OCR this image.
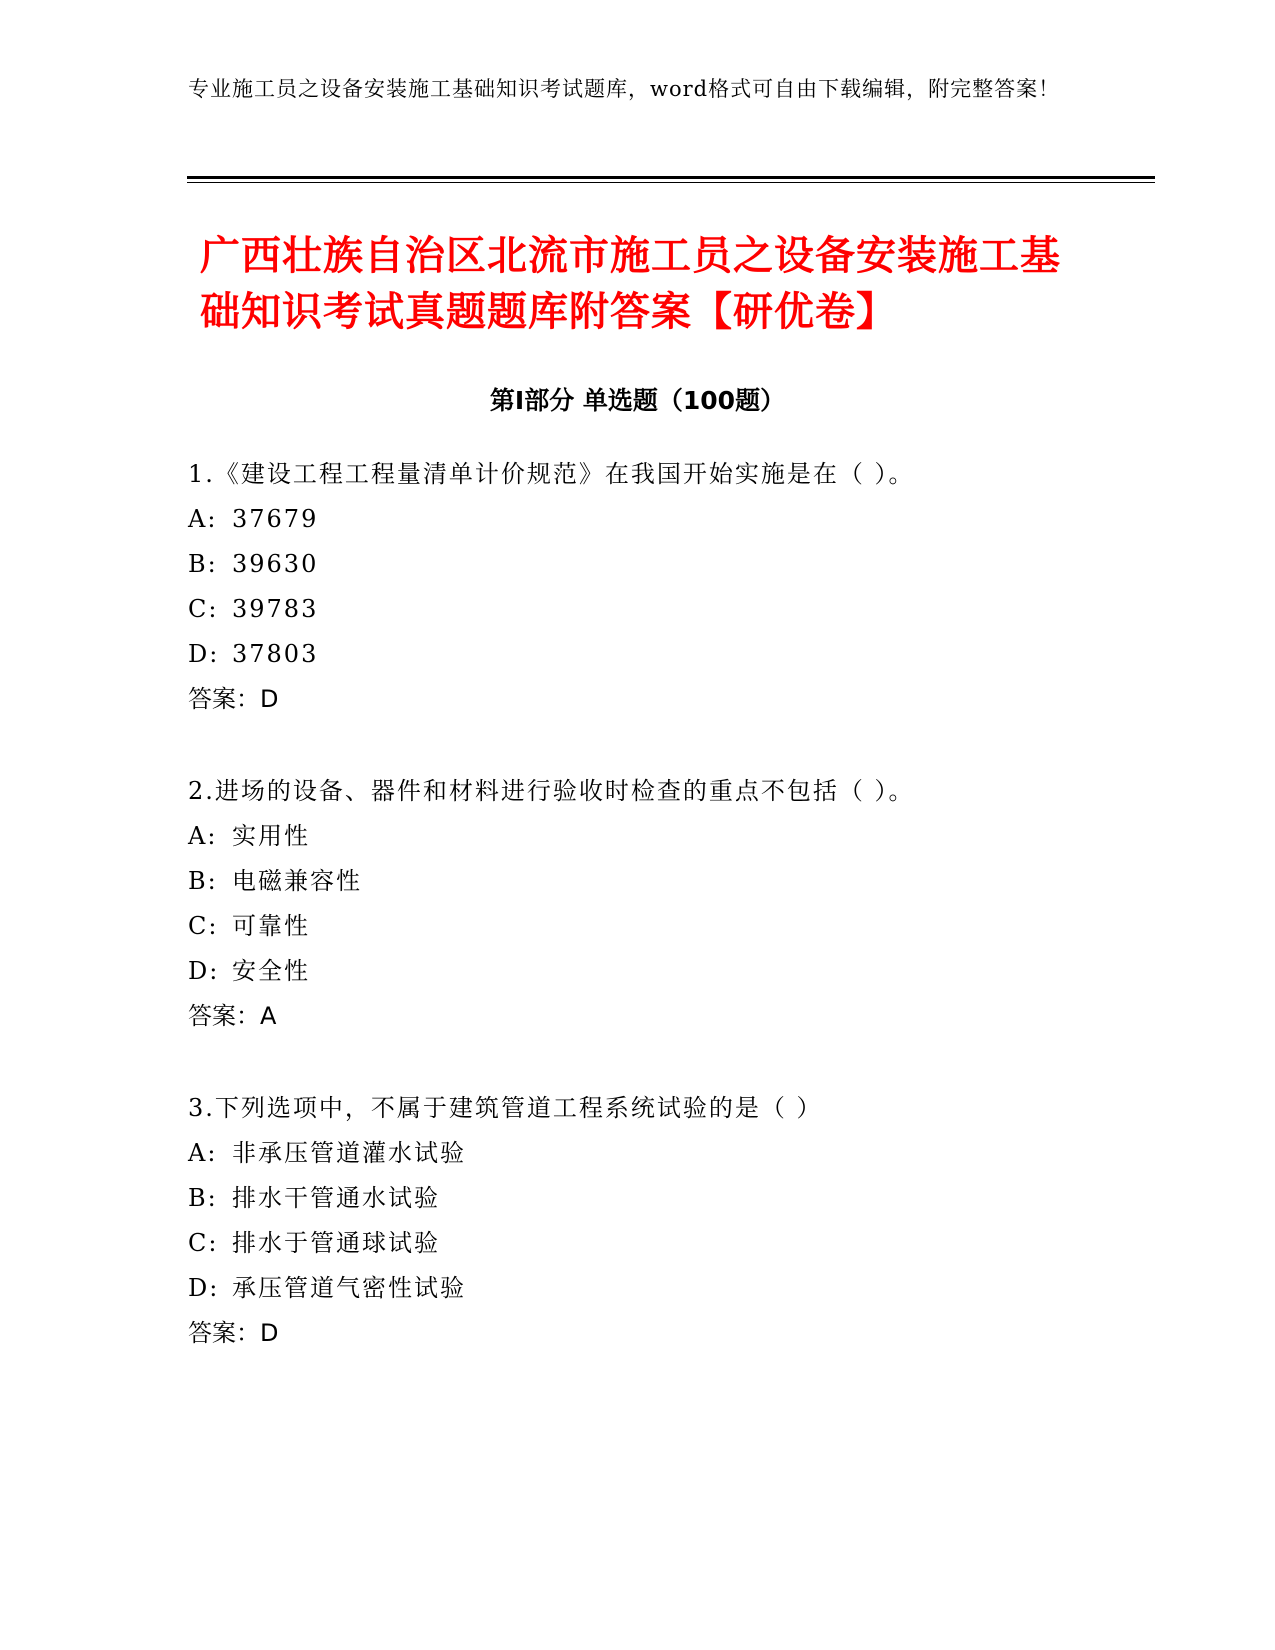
专业施工员之设备安装施工基础知识考试题库，word格式可自由下载编辑，附完整答案！
广西壮族自治区北流市施工员之设备安装施工基础知识考试真题题库附答案【研优卷】
第Ⅰ部分 单选题（100题）
1.《建设工程工程量清单计价规范》在我国开始实施是在（ ）。
A: 37679
B: 39630
C: 39783
D: 37803
答案：D
2.进场的设备、器件和材料进行验收时检查的重点不包括（ ）。
A: 实用性
B: 电磁兼容性
C: 可靠性
D: 安全性
答案：A
3.下列选项中，不属于建筑管道工程系统试验的是（ ）
A: 非承压管道灌水试验
B: 排水干管通水试验
C: 排水于管通球试验
D: 承压管道气密性试验
答案：D
